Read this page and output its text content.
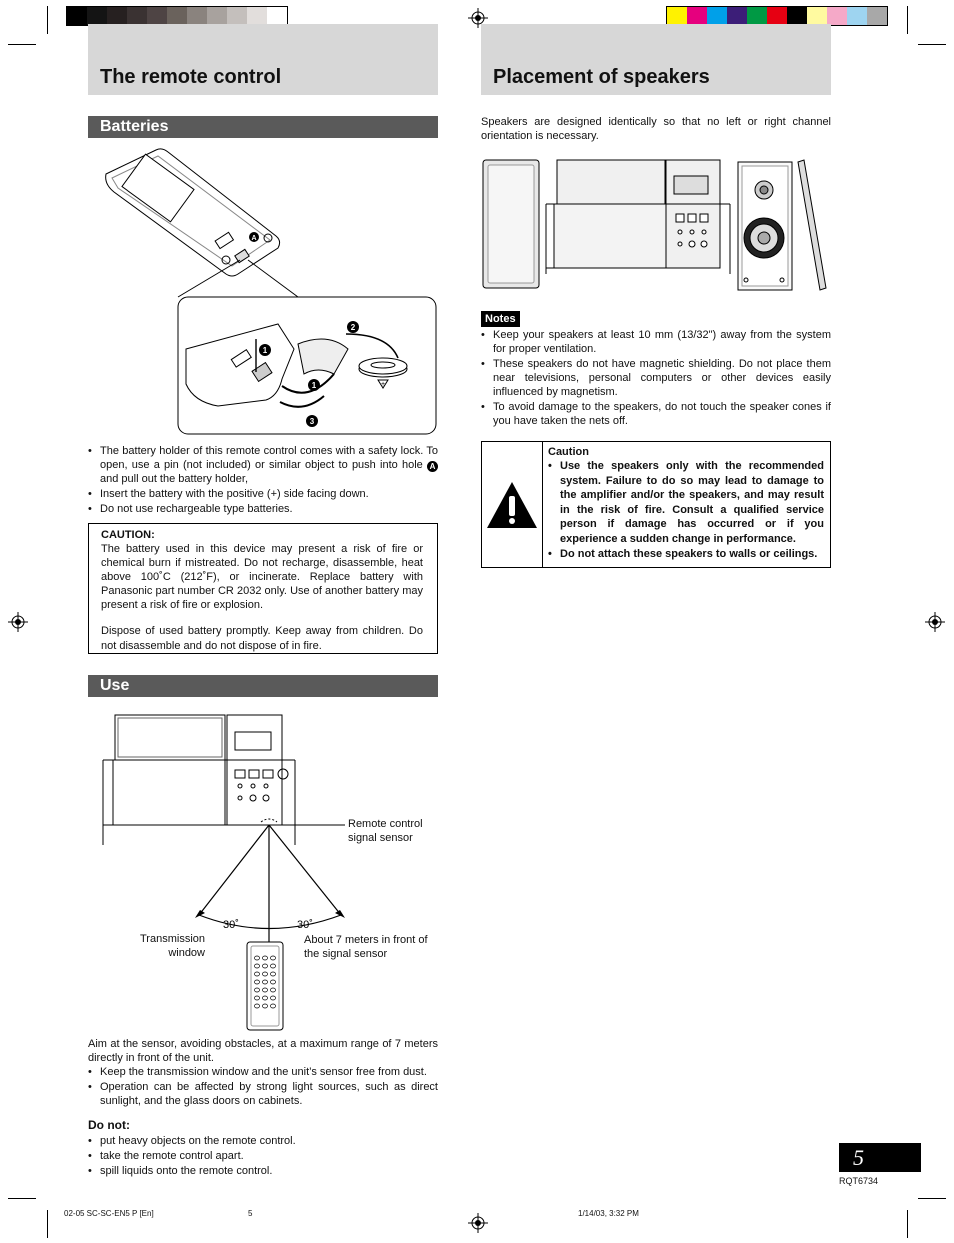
The remote control
Batteries
A
+
1
2
1
3
• The battery holder of this remote control comes with a safety lock. To open, use a pin (not included) or similar object to push into hole A and pull out the battery holder,
• Insert the battery with the positive (+) side facing down.
• Do not use rechargeable type batteries.
CAUTION:

The battery used in this device may present a risk of fire or chemical burn if mistreated. Do not recharge, disassemble, heat above 100˚C (212˚F), or incinerate. Replace battery with Panasonic part number CR 2032 only. Use of another battery may present a risk of fire or explosion.

Dispose of used battery promptly. Keep away from children. Do not disassemble and do not dispose of in fire.

Use
30˚	30˚
Remote control
signal sensor
Transmission
window
About 7 meters in front of
the signal sensor

Aim at the sensor, avoiding obstacles, at a maximum range of 7 meters directly in front of the unit.

• Keep the transmission window and the unit’s sensor free from dust.
• Operation can be affected by strong light sources, such as direct sunlight, and the glass doors on cabinets.
Do not:
• put heavy objects on the remote control.
• take the remote control apart.
• spill liquids onto the remote control.
Placement of speakers

Speakers are designed identically so that no left or right channel orientation is necessary.

Notes
• Keep your speakers at least 10 mm (13/32") away from the system for proper ventilation.
• These speakers do not have magnetic shielding. Do not place them near televisions, personal computers or other devices easily influenced by magnetism.
• To avoid damage to the speakers, do not touch the speaker cones if you have taken the nets off.
Caution
• Use the speakers only with the recommended system. Failure to do so may lead to damage to the amplifier and/or the speakers, and may result in the risk of fire. Consult a qualified service person if damage has occurred or if you experience a sudden change in performance.
• Do not attach these speakers to walls or ceilings.
5
RQT6734
02-05 SC-SC-EN5 P [En]	5	1/14/03, 3:32 PM
